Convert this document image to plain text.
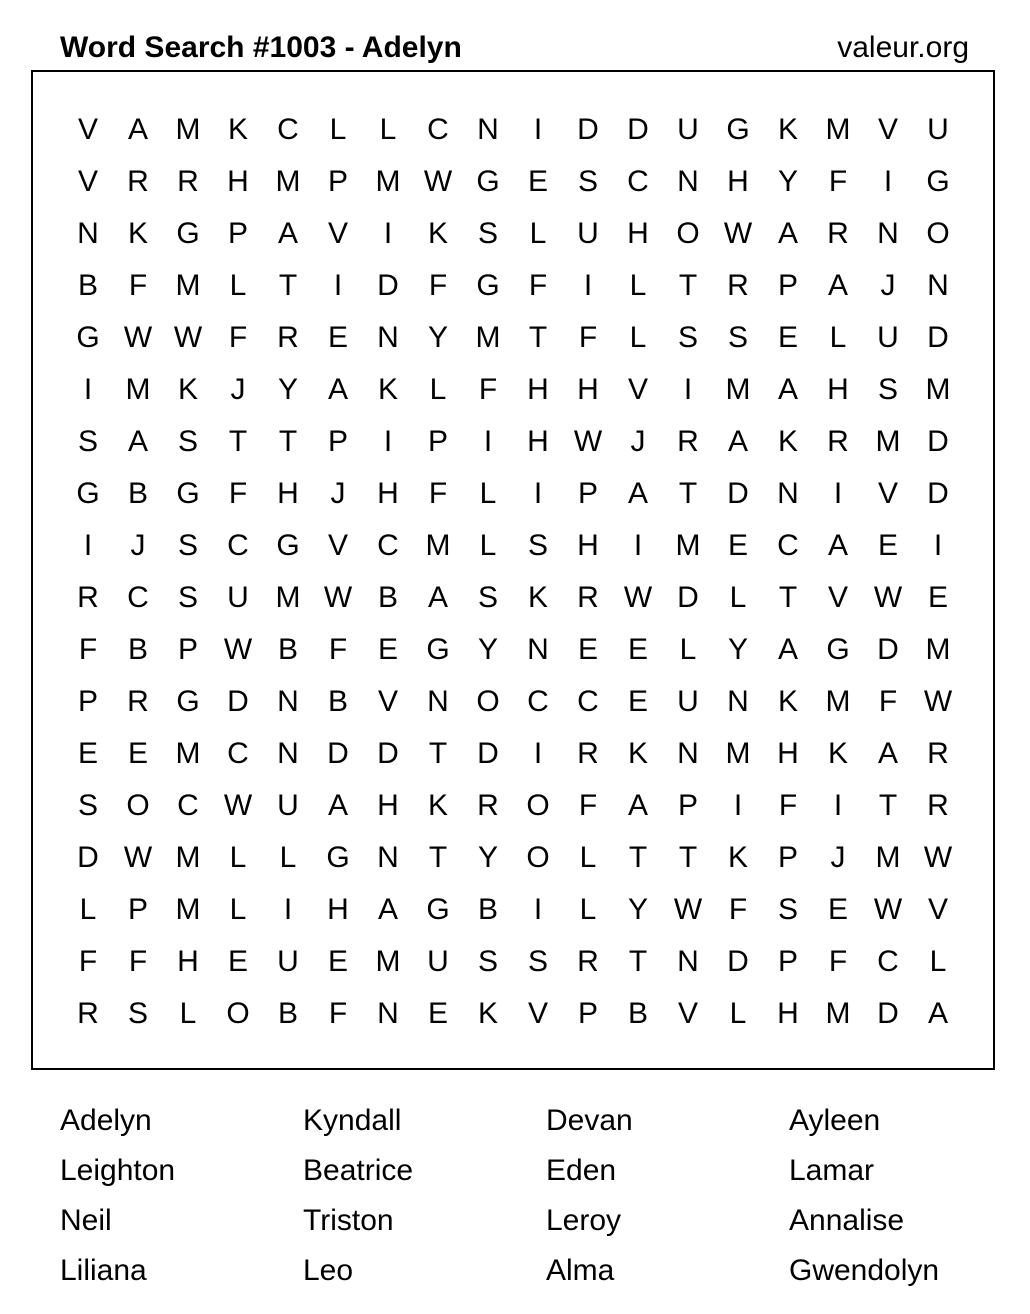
Word Search #1003 - Adelyn	valeur.org
V A M K C	L	L	C N	I	D D U G K M V U
V R R H M P M W G E S C N H Y	F	I	G
N K G P A V	I	K S	L	U H O W A R N O
B	F M L	T	I	D	F G F	I	L	T	R P A	J	N
G W W F	R E N Y M T	F	L	S S E	L	U D
I	M K	J	Y A K	L	F	H H V	I	M A H S M
S A S	T	T	P	I	P	I	H W J	R A K R M D
G B G F	H	J	H	F	L	I	P A	T	D N	I	V D
I	J	S C G V C M L	S H	I	M E C A E	I
R C S U M W B A S K R W D	L	T	V W E
F	B P W B	F	E G Y N E E	L	Y A G D M
P R G D N B V N O C C E U N K M F W
E E M C N D D	T	D	I	R K N M H K A R
S O C W U A H K R O F	A P	I	F	I	T	R
D W M L	L G N	T	Y O L	T	T	K P	J	M W
L	P M L	I	H A G B	I	L	Y W F	S E W V
F	F	H E U E M U S S R	T	N D P	F	C	L
R S	L O B	F	N E K V P B V	L	H M D A
Adelyn	Kyndall	Devan	Ayleen
Leighton	Beatrice	Eden	Lamar
Neil	Triston	Leroy	Annalise
Liliana	Leo	Alma	Gwendolyn
